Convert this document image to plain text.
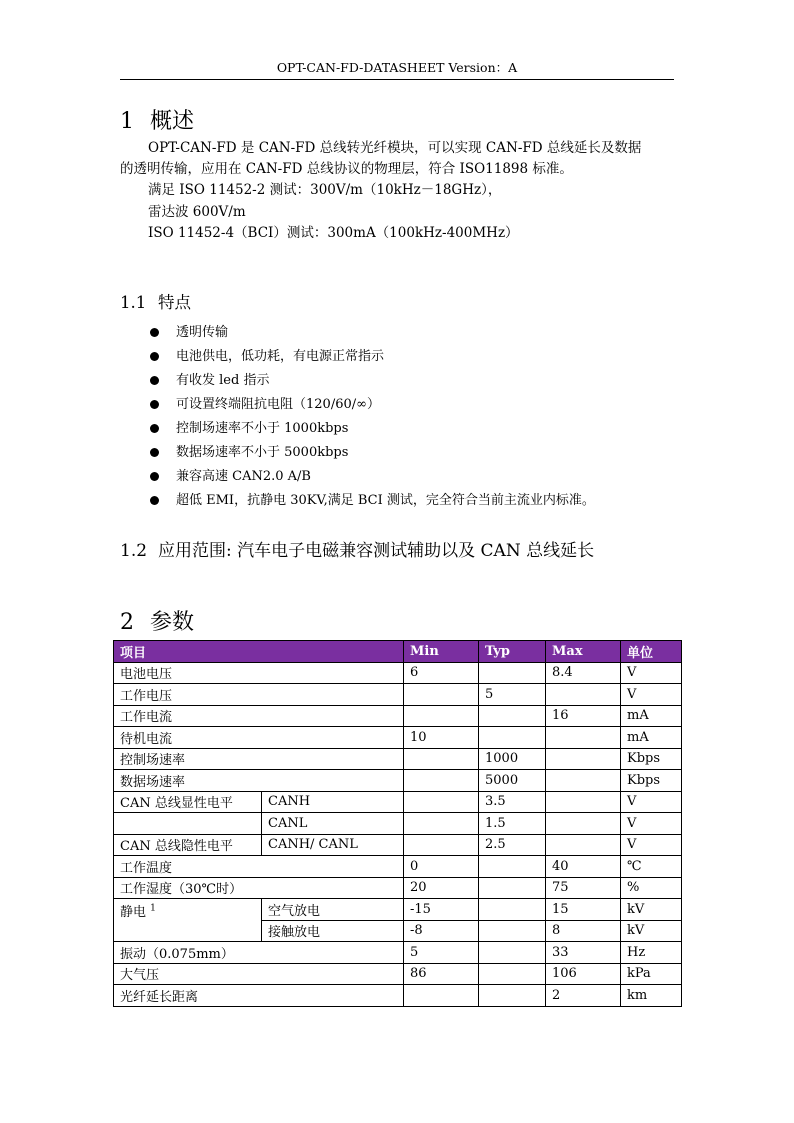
OPT-CAN-FD-DATASHEET Version：A
1 概述
OPT-CAN-FD 是 CAN-FD 总线转光纤模块，可以实现 CAN-FD 总线延长及数据
的透明传输，应用在 CAN-FD 总线协议的物理层，符合 ISO11898 标准。
满足 ISO 11452-2 测试：300V/m（10kHz－18GHz），
雷达波 600V/m
ISO 11452-4（BCI）测试：300mA（100kHz-400MHz）
1.1 特点
透明传输
电池供电，低功耗，有电源正常指示
有收发 led 指示
可设置终端阻抗电阻（120/60/∞）
控制场速率不小于 1000kbps
数据场速率不小于 5000kbps
兼容高速 CAN2.0 A/B
超低 EMI，抗静电 30KV,满足 BCI 测试，完全符合当前主流业内标准。
1.2 应用范围: 汽车电子电磁兼容测试辅助以及 CAN 总线延长
2 参数
项目		Min	Typ	Max	单位
电池电压		6		8.4	V
工作电压			5		V
工作电流				16	mA
待机电流		10			mA
控制场速率			1000		Kbps
数据场速率			5000		Kbps
CAN 总线显性电平	CANH		3.5		V
	CANL		1.5		V
CAN 总线隐性电平	CANH/ CANL		2.5		V
工作温度		0		40	℃
工作湿度（30℃时）		20		75	%
静电 $^1$	空气放电	-15		15	kV
	接触放电	-8		8	kV
振动（0.075mm）		5		33	Hz
大气压		86		106	kPa
光纤延长距离				2	km
